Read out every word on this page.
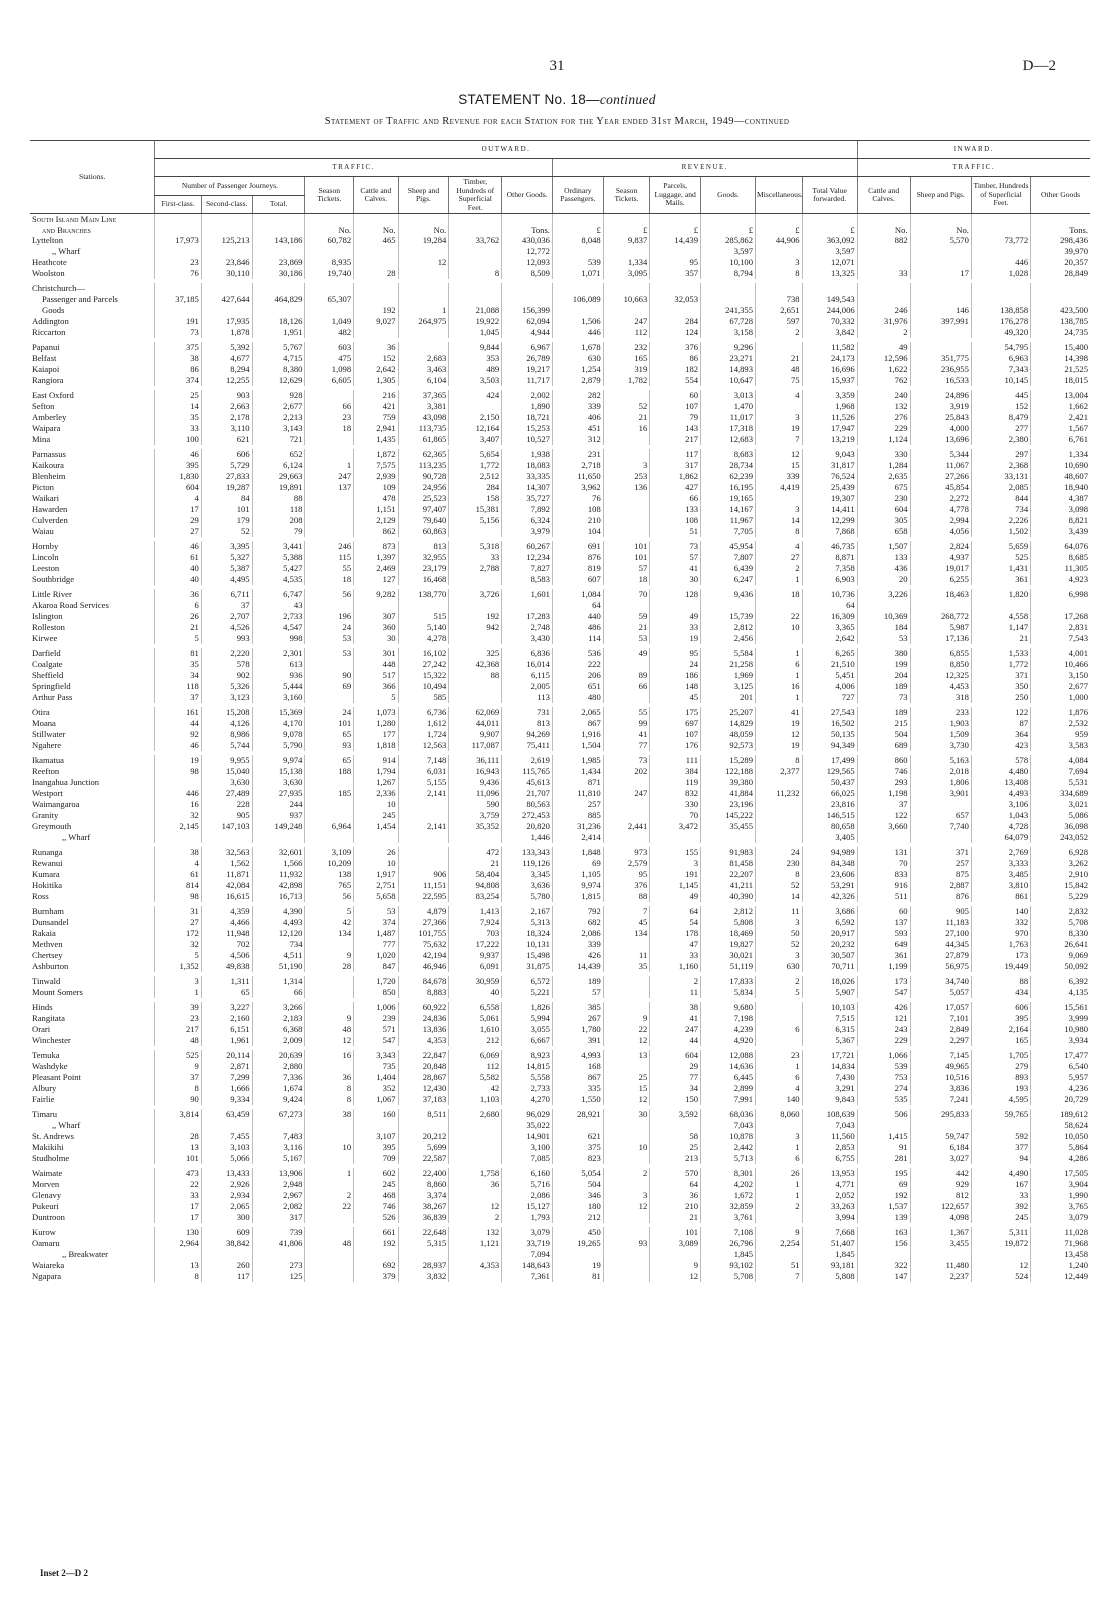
31	D—2
STATEMENT No. 18—continued
Statement of Traffic and Revenue for each Station for the Year ended 31st March, 1949—continued
Stations.	OUTWARD.														INWARD.			
	TRAFFIC.								REVENUE.						TRAFFIC.			
	Number of Passenger Journeys.			Season Tickets.	Cattle and Calves.	Sheep and Pigs.	Timber, Hundreds of Superficial Feet.	Other Goods.	Ordinary Passengers.	Season Tickets.	Parcels, Luggage, and Mails.	Goods.	Miscellaneous.	Total Value forwarded.	Cattle and Calves.	Sheep and Pigs.	Timber, Hundreds of Superficial Feet.	Other Goods
	First-class.	Second-class.	Total.															
South Island Main Line																		
and Branches				No.	No.	No.		Tons.	£	£	£	£	£	£	No.	No.		Tons.
Lyttelton	17,973	125,213	143,186	60,782	465	19,284	33,762	430,036	8,048	9,837	14,439	285,862	44,906	363,092	882	5,570	73,772	298,436
,, Wharf								12,772				3,597		3,597				39,970
Heathcote	23	23,846	23,869	8,935		12		12,093	539	1,334	95	10,100	3	12,071			446	20,357
Woolston	76	30,110	30,186	19,740	28		8	8,509	1,071	3,095	357	8,794	8	13,325	33	17	1,028	28,849

Christchurch—																		
Passenger and Parcels	37,185	427,644	464,829	65,307					106,089	10,663	32,053		738	149,543				
Goods					192	1	21,088	156,399				241,355	2,651	244,006	246	146	138,858	423,500
Addington	191	17,935	18,126	1,049	9,027	264,975	19,922	62,094	1,506	247	284	67,728	597	70,332	31,976	397,991	176,278	138,785
Riccarton	73	1,878	1,951	482			1,045	4,944	446	112	124	3,158	2	3,842	2		49,320	24,735

Papanui	375	5,392	5,767	603	36		9,844	6,967	1,678	232	376	9,296		11,582	49		54,795	15,400
Belfast	38	4,677	4,715	475	152	2,683	353	26,789	630	165	86	23,271	21	24,173	12,596	351,775	6,963	14,398
Kaiapoi	86	8,294	8,380	1,098	2,642	3,463	489	19,217	1,254	319	182	14,893	48	16,696	1,622	236,955	7,343	21,525
Rangiora	374	12,255	12,629	6,605	1,305	6,104	3,503	11,717	2,879	1,782	554	10,647	75	15,937	762	16,533	10,145	18,015

East Oxford	25	903	928		216	37,365	424	2,002	282		60	3,013	4	3,359	240	24,896	445	13,004
Sefton	14	2,663	2,677	66	421	3,381		1,890	339	52	107	1,470		1,968	132	3,919	152	1,662
Amberley	35	2,178	2,213	23	759	43,098	2,150	18,721	406	21	79	11,017	3	11,526	276	25,843	8,479	2,421
Waipara	33	3,110	3,143	18	2,941	113,735	12,164	15,253	451	16	143	17,318	19	17,947	229	4,000	277	1,567
Mina	100	621	721		1,435	61,865	3,407	10,527	312		217	12,683	7	13,219	1,124	13,696	2,380	6,761

Parnassus	46	606	652		1,872	62,365	5,654	1,938	231		117	8,683	12	9,043	330	5,344	297	1,334
Kaikoura	395	5,729	6,124	1	7,575	113,235	1,772	18,083	2,718	3	317	28,734	15	31,817	1,284	11,067	2,368	10,690
Blenheim	1,830	27,833	29,663	247	2,939	90,728	2,512	33,335	11,650	253	1,862	62,239	339	76,524	2,635	27,266	33,131	48,607
Picton	604	19,287	19,891	137	109	24,956	284	14,307	3,962	136	427	16,195	4,419	25,439	675	45,854	2,085	18,940
Waikari	4	84	88		478	25,523	158	35,727	76		66	19,165		19,307	230	2,272	844	4,387
Hawarden	17	101	118		1,151	97,407	15,381	7,892	108		133	14,167	3	14,411	604	4,778	734	3,098
Culverden	29	179	208		2,129	79,640	5,156	6,324	210		108	11,967	14	12,299	305	2,994	2,226	8,821
Waiau	27	52	79		862	60,863		3,979	104		51	7,705	8	7,868	658	4,056	1,502	3,439

Hornby	46	3,395	3,441	246	873	813	5,318	60,267	691	101	73	45,954	4	46,735	1,507	2,824	5,659	64,076
Lincoln	61	5,327	5,388	115	1,397	32,955	33	12,234	876	101	57	7,807	27	8,871	133	4,937	525	8,685
Leeston	40	5,387	5,427	55	2,469	23,179	2,788	7,827	819	57	41	6,439	2	7,358	436	19,017	1,431	11,305
Southbridge	40	4,495	4,535	18	127	16,468		8,583	607	18	30	6,247	1	6,903	20	6,255	361	4,923

Little River	36	6,711	6,747	56	9,282	138,770	3,726	1,601	1,084	70	128	9,436	18	10,736	3,226	18,463	1,820	6,998
Akaroa Road Services	6	37	43						64					64				
Islington	26	2,707	2,733	196	307	515	192	17,283	440	59	49	15,739	22	16,309	10,369	268,772	4,558	17,268
Rolleston	21	4,526	4,547	24	360	5,140	942	2,748	486	21	33	2,812	10	3,365	184	5,987	1,147	2,831
Kirwee	5	993	998	53	30	4,278		3,430	114	53	19	2,456		2,642	53	17,136	21	7,543

Darfield	81	2,220	2,301	53	301	16,102	325	6,836	536	49	95	5,584	1	6,265	380	6,855	1,533	4,001
Coalgate	35	578	613		448	27,242	42,368	16,014	222		24	21,258	6	21,510	199	8,850	1,772	10,466
Sheffield	34	902	936	90	517	15,322	88	6,115	206	89	186	1,969	1	5,451	204	12,325	371	3,150
Springfield	118	5,326	5,444	69	366	10,494		2,005	651	66	148	3,125	16	4,006	189	4,453	350	2,677
Arthur Pass	37	3,123	3,160		5	585		113	480		45	201	1	727	73	318	250	1,000

Otira	161	15,208	15,369	24	1,073	6,736	62,069	731	2,065	55	175	25,207	41	27,543	189	233	122	1,876
Moana	44	4,126	4,170	101	1,280	1,612	44,011	813	867	99	697	14,829	19	16,502	215	1,903	87	2,532
Stillwater	92	8,986	9,078	65	177	1,724	9,907	94,269	1,916	41	107	48,059	12	50,135	504	1,509	364	959
Ngahere	46	5,744	5,790	93	1,818	12,563	117,087	75,411	1,504	77	176	92,573	19	94,349	689	3,730	423	3,583

Ikamatua	19	9,955	9,974	65	914	7,148	36,111	2,619	1,985	73	111	15,289	8	17,499	860	5,163	578	4,084
Reefton	98	15,040	15,138	188	1,794	6,031	16,943	115,765	1,434	202	384	122,188	2,377	129,565	746	2,018	4,480	7,694
Inangahua Junction		3,630	3,630		1,267	5,155	9,436	45,613	871		119	39,380		50,437	293	1,806	13,408	5,531
Westport	446	27,489	27,935	185	2,336	2,141	11,096	21,707	11,810	247	832	41,884	11,232	66,025	1,198	3,901	4,493	334,689
Waimangaroa	16	228	244		10		590	80,563	257		330	23,196		23,816	37		3,106	3,021
Granity	32	905	937		245		3,759	272,453	885		70	145,222		146,515	122	657	1,043	5,086
Greymouth	2,145	147,103	149,248	6,964	1,454	2,141	35,352	20,820	31,236	2,441	3,472	35,455		80,658	3,660	7,740	4,728	36,098
,, Wharf								1,446	2,414					3,405			64,079	243,052

Runanga	38	32,563	32,601	3,109	26		472	133,343	1,848	973	155	91,983	24	94,989	131	371	2,769	6,928
Rewanui	4	1,562	1,566	10,209	10		21	119,126	69	2,579	3	81,458	230	84,348	70	257	3,333	3,262
Kumara	61	11,871	11,932	138	1,917	906	58,404	3,345	1,105	95	191	22,207	8	23,606	833	875	3,485	2,910
Hokitika	814	42,084	42,898	765	2,751	11,151	94,808	3,636	9,974	376	1,145	41,211	52	53,291	916	2,887	3,810	15,842
Ross	98	16,615	16,713	56	5,658	22,595	83,254	5,780	1,815	88	49	40,390	14	42,326	511	876	861	5,229

Burnham	31	4,359	4,390	5	53	4,879	1,413	2,167	792	7	64	2,812	11	3,686	60	905	140	2,832
Dunsandel	27	4,466	4,493	42	374	27,366	7,924	5,313	682	45	54	5,808	3	6,592	137	11,183	332	5,708
Rakaia	172	11,948	12,120	134	1,487	101,755	703	18,324	2,086	134	178	18,469	50	20,917	593	27,100	970	8,330
Methven	32	702	734		777	75,632	17,222	10,131	339		47	19,827	52	20,232	649	44,345	1,763	26,641
Chertsey	5	4,506	4,511	9	1,020	42,194	9,937	15,498	426	11	33	30,021	3	30,507	361	27,879	173	9,069
Ashburton	1,352	49,838	51,190	28	847	46,946	6,091	31,875	14,439	35	1,160	51,119	630	70,711	1,199	56,975	19,449	50,092

Tinwald	3	1,311	1,314		1,720	84,678	30,959	6,572	189		2	17,833	2	18,026	173	34,740	88	6,392
Mount Somers	1	65	66		850	8,883	40	5,221	57		11	5,834	5	5,907	547	5,057	434	4,135

Hinds	39	3,227	3,266		1,006	60,922	6,558	1,826	385		38	9,680		10,103	426	17,057	606	15,561
Rangitata	23	2,160	2,183	9	239	24,836	5,061	5,994	267	9	41	7,198		7,515	121	7,101	395	3,999
Orari	217	6,151	6,368	48	571	13,836	1,610	3,055	1,780	22	247	4,239	6	6,315	243	2,849	2,164	10,980
Winchester	48	1,961	2,009	12	547	4,353	212	6,667	391	12	44	4,920		5,367	229	2,297	165	3,934

Temuka	525	20,114	20,639	16	3,343	22,847	6,069	8,923	4,993	13	604	12,088	23	17,721	1,066	7,145	1,705	17,477
Washdyke	9	2,871	2,880		735	20,848	112	14,815	168		29	14,636	1	14,834	539	49,965	279	6,540
Pleasant Point	37	7,299	7,336	36	1,404	28,867	5,582	5,558	867	25	77	6,445	6	7,430	753	10,516	893	5,957
Albury	8	1,666	1,674	8	352	12,430	42	2,733	335	15	34	2,899	4	3,291	274	3,836	193	4,236
Fairlie	90	9,334	9,424	8	1,067	37,183	1,103	4,270	1,550	12	150	7,991	140	9,843	535	7,241	4,595	20,729

Timaru	3,814	63,459	67,273	38	160	8,511	2,680	96,029	28,921	30	3,592	68,036	8,060	108,639	506	295,833	59,765	189,612
,, Wharf								35,022				7,043		7,043				58,624
St. Andrews	28	7,455	7,483		3,107	20,212		14,901	621		58	10,878	3	11,560	1,415	59,747	592	10,050
Makikihi	13	3,103	3,116	10	395	5,699		3,100	375	10	25	2,442	1	2,853	91	6,184	377	5,864
Studholme	101	5,066	5,167		709	22,587		7,085	823		213	5,713	6	6,755	281	3,027	94	4,286

Waimate	473	13,433	13,906	1	602	22,400	1,758	6,160	5,054	2	570	8,301	26	13,953	195	442	4,490	17,505
Morven	22	2,926	2,948		245	8,860	36	5,716	504		64	4,202	1	4,771	69	929	167	3,904
Glenavy	33	2,934	2,967	2	468	3,374		2,086	346	3	36	1,672	1	2,052	192	812	33	1,990
Pukeuri	17	2,065	2,082	22	746	38,267	12	15,127	180	12	210	32,859	2	33,263	1,537	122,657	392	3,765
Duntroon	17	300	317		526	36,839	2	1,793	212		21	3,761		3,994	139	4,098	245	3,079

Kurow	130	609	739		661	22,648	132	3,079	450		101	7,108	9	7,668	163	1,367	5,311	11,028
Oamaru	2,964	38,842	41,806	48	192	5,315	1,121	33,719	19,265	93	3,089	26,796	2,254	51,407	156	3,455	19,872	71,968
,, Breakwater								7,094				1,845		1,845				13,458
Waiareka	13	260	273		692	28,937	4,353	148,643	19		9	93,102	51	93,181	322	11,480	12	1,240
Ngapara	8	117	125		379	3,832		7,361	81		12	5,708	7	5,808	147	2,237	524	12,449
Inset 2—D 2
